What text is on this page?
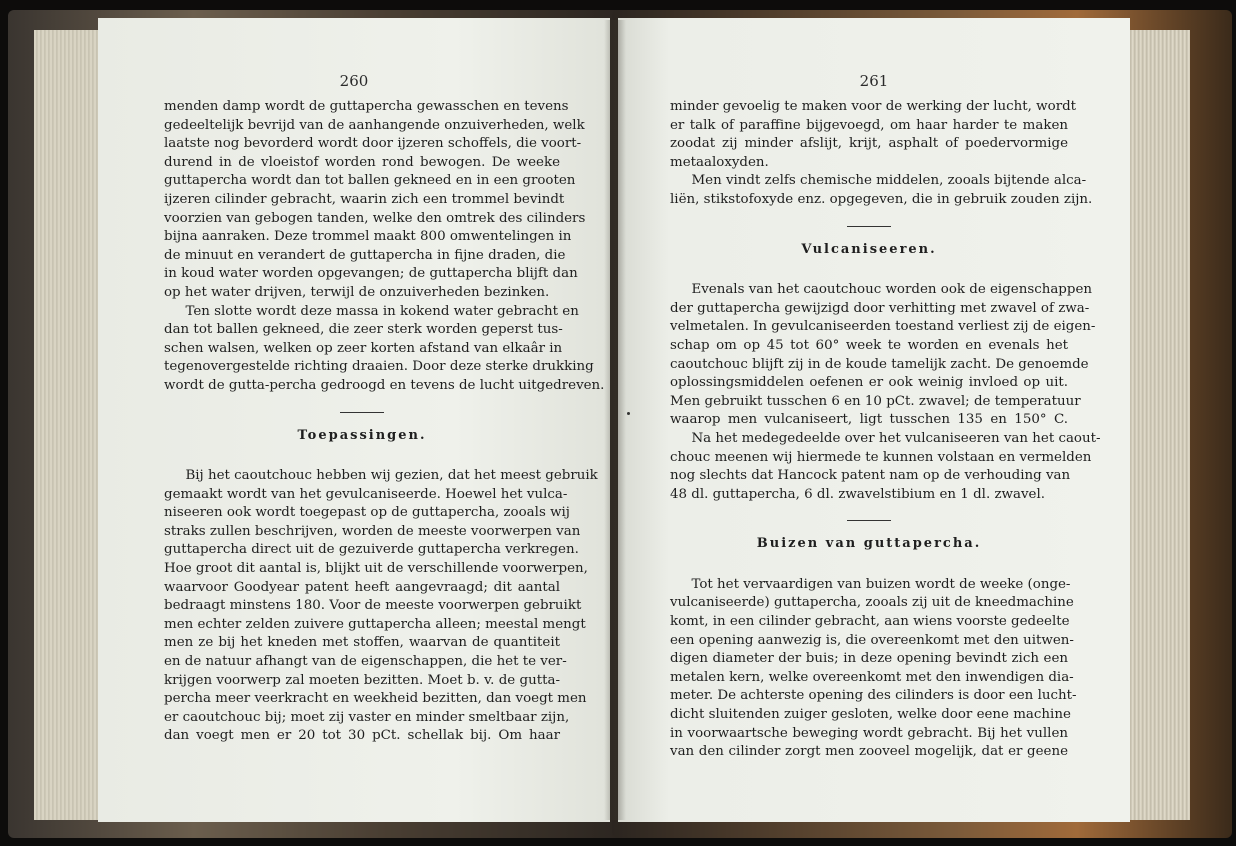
260
menden damp wordt de guttapercha gewasschen en tevens
gedeeltelijk bevrijd van de aanhangende onzuiverheden, welk
laatste nog bevorderd wordt door ijzeren schoffels, die voort-
durend in de vloeistof worden rond bewogen. De weeke
guttapercha wordt dan tot ballen gekneed en in een grooten
ijzeren cilinder gebracht, waarin zich een trommel bevindt
voorzien van gebogen tanden, welke den omtrek des cilinders
bijna aanraken. Deze trommel maakt 800 omwentelingen in
de minuut en verandert de guttapercha in fijne draden, die
in koud water worden opgevangen; de guttapercha blijft dan
op het water drijven, terwijl de onzuiverheden bezinken.
Ten slotte wordt deze massa in kokend water gebracht en
dan tot ballen gekneed, die zeer sterk worden geperst tus-
schen walsen, welken op zeer korten afstand van elkaâr in
tegenovergestelde richting draaien. Door deze sterke drukking
wordt de gutta-percha gedroogd en tevens de lucht uitgedreven.
Toepassingen.
Bij het caoutchouc hebben wij gezien, dat het meest gebruik
gemaakt wordt van het gevulcaniseerde. Hoewel het vulca-
niseeren ook wordt toegepast op de guttapercha, zooals wij
straks zullen beschrijven, worden de meeste voorwerpen van
guttapercha direct uit de gezuiverde guttapercha verkregen.
Hoe groot dit aantal is, blijkt uit de verschillende voorwerpen,
waarvoor Goodyear patent heeft aangevraagd; dit aantal
bedraagt minstens 180. Voor de meeste voorwerpen gebruikt
men echter zelden zuivere guttapercha alleen; meestal mengt
men ze bij het kneden met stoffen, waarvan de quantiteit
en de natuur afhangt van de eigenschappen, die het te ver-
krijgen voorwerp zal moeten bezitten. Moet b. v. de gutta-
percha meer veerkracht en weekheid bezitten, dan voegt men
er caoutchouc bij; moet zij vaster en minder smeltbaar zijn,
dan voegt men er 20 tot 30 pCt. schellak bij. Om haar
261
minder gevoelig te maken voor de werking der lucht, wordt
er talk of paraffine bijgevoegd, om haar harder te maken
zoodat zij minder afslijt, krijt, asphalt of poedervormige
metaaloxyden.
Men vindt zelfs chemische middelen, zooals bijtende alca-
liën, stikstofoxyde enz. opgegeven, die in gebruik zouden zijn.
Vulcaniseeren.
Evenals van het caoutchouc worden ook de eigenschappen
der guttapercha gewijzigd door verhitting met zwavel of zwa-
velmetalen. In gevulcaniseerden toestand verliest zij de eigen-
schap om op 45 tot 60° week te worden en evenals het
caoutchouc blijft zij in de koude tamelijk zacht. De genoemde
oplossingsmiddelen oefenen er ook weinig invloed op uit.
Men gebruikt tusschen 6 en 10 pCt. zwavel; de temperatuur
waarop men vulcaniseert, ligt tusschen 135 en 150° C.
Na het medegedeelde over het vulcaniseeren van het caout-
chouc meenen wij hiermede te kunnen volstaan en vermelden
nog slechts dat Hancock patent nam op de verhouding van
48 dl. guttapercha, 6 dl. zwavelstibium en 1 dl. zwavel.
Buizen van guttapercha.
Tot het vervaardigen van buizen wordt de weeke (onge-
vulcaniseerde) guttapercha, zooals zij uit de kneedmachine
komt, in een cilinder gebracht, aan wiens voorste gedeelte
een opening aanwezig is, die overeenkomt met den uitwen-
digen diameter der buis; in deze opening bevindt zich een
metalen kern, welke overeenkomt met den inwendigen dia-
meter. De achterste opening des cilinders is door een lucht-
dicht sluitenden zuiger gesloten, welke door eene machine
in voorwaartsche beweging wordt gebracht. Bij het vullen
van den cilinder zorgt men zooveel mogelijk, dat er geene
